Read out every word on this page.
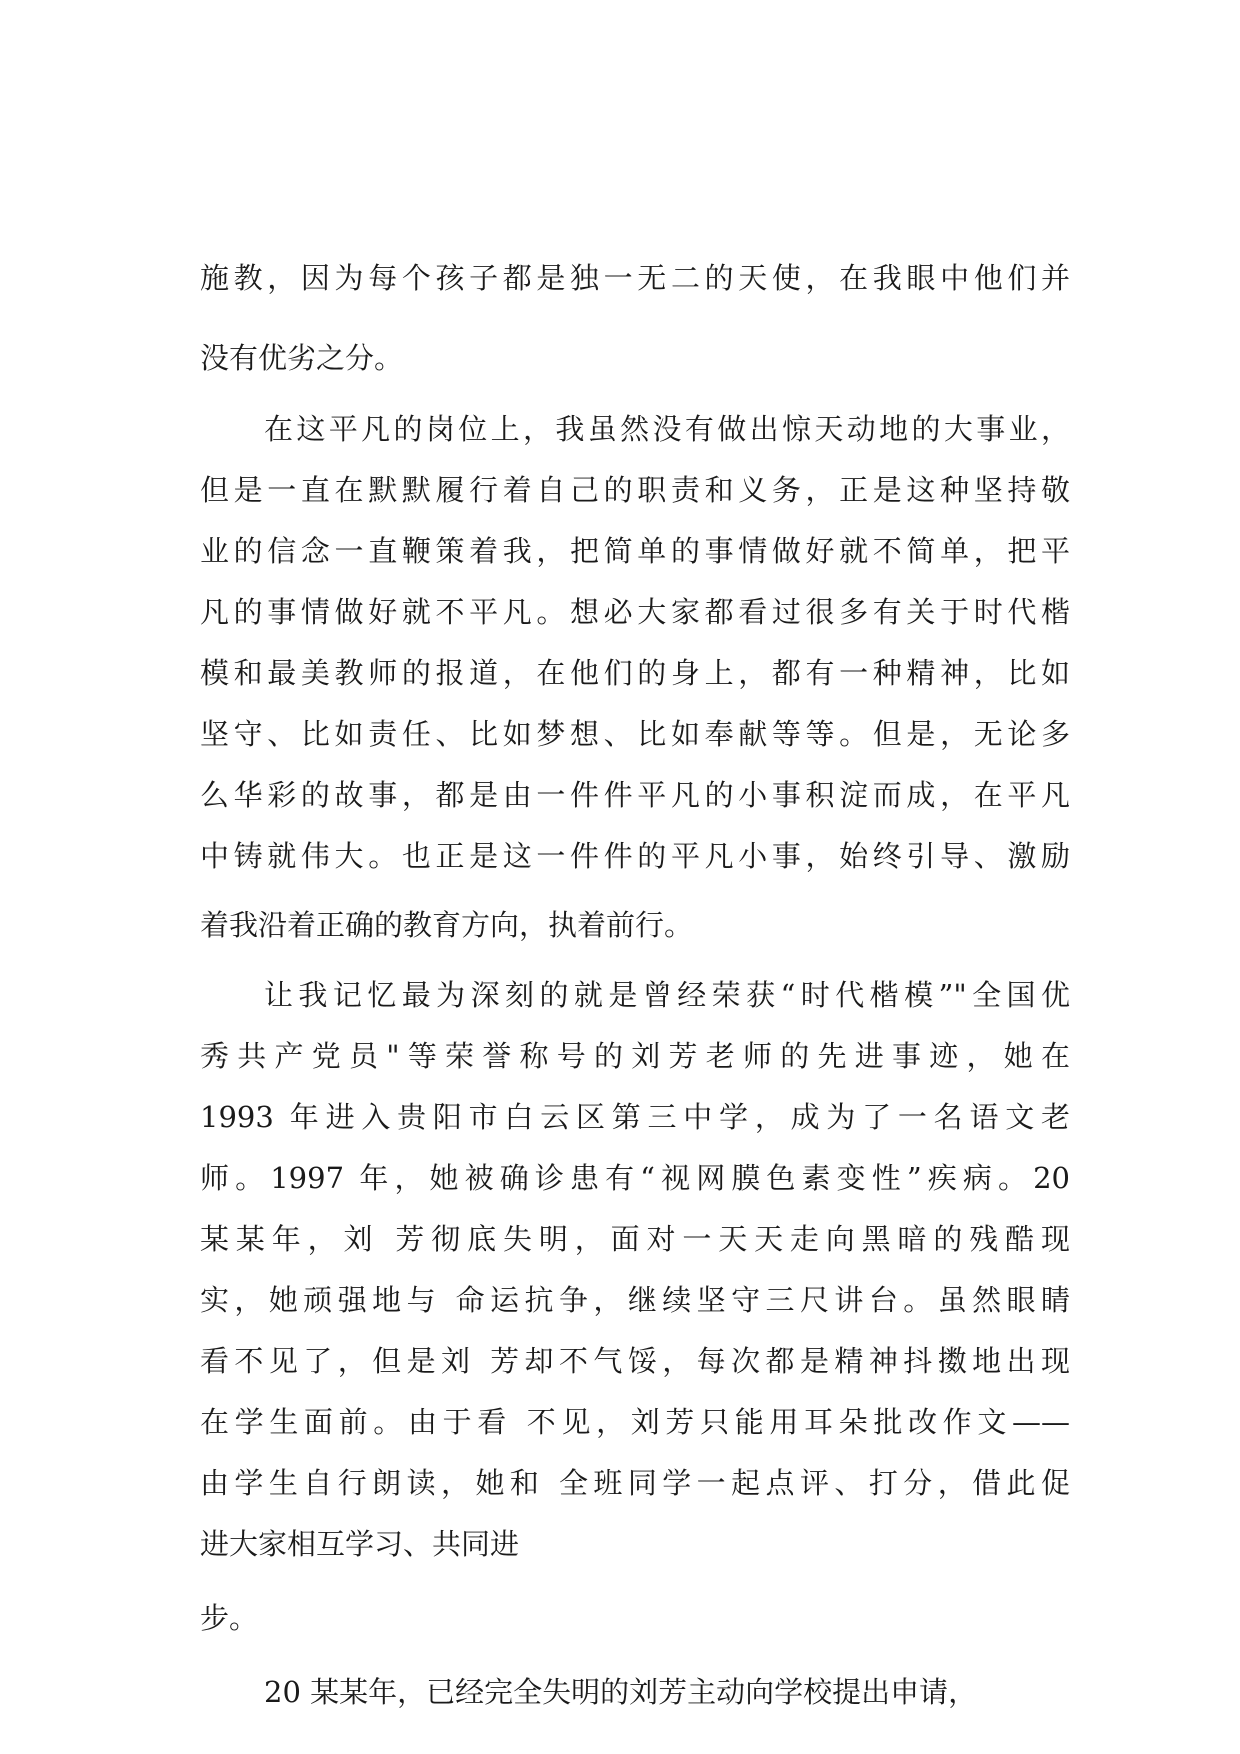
施教，因为每个孩子都是独一无二的天使，在我眼中他们并
没有优劣之分。
在这平凡的岗位上，我虽然没有做出惊天动地的大事业，
但是一直在默默履行着自己的职责和义务，正是这种坚持敬
业的信念一直鞭策着我，把简单的事情做好就不简单，把平
凡的事情做好就不平凡。想必大家都看过很多有关于时代楷
模和最美教师的报道，在他们的身上，都有一种精神，比如
坚守、比如责任、比如梦想、比如奉献等等。但是，无论多
么华彩的故事，都是由一件件平凡的小事积淀而成，在平凡
中铸就伟大。也正是这一件件的平凡小事，始终引导、激励
着我沿着正确的教育方向，执着前行。
让我记忆最为深刻的就是曾经荣获“时代楷模”"全国优
秀共产党员"等荣誉称号的刘芳老师的先进事迹，她在
1993 年进入贵阳市白云区第三中学，成为了一名语文老
师。1997 年，她被确诊患有“视网膜色素变性”疾病。20
某某年，刘 芳彻底失明，面对一天天走向黑暗的残酷现
实，她顽强地与 命运抗争，继续坚守三尺讲台。虽然眼睛
看不见了，但是刘 芳却不气馁，每次都是精神抖擞地出现
在学生面前。由于看 不见，刘芳只能用耳朵批改作文——
由学生自行朗读，她和 全班同学一起点评、打分，借此促
进大家相互学习、共同进
步。
20 某某年，已经完全失明的刘芳主动向学校提出申请，
